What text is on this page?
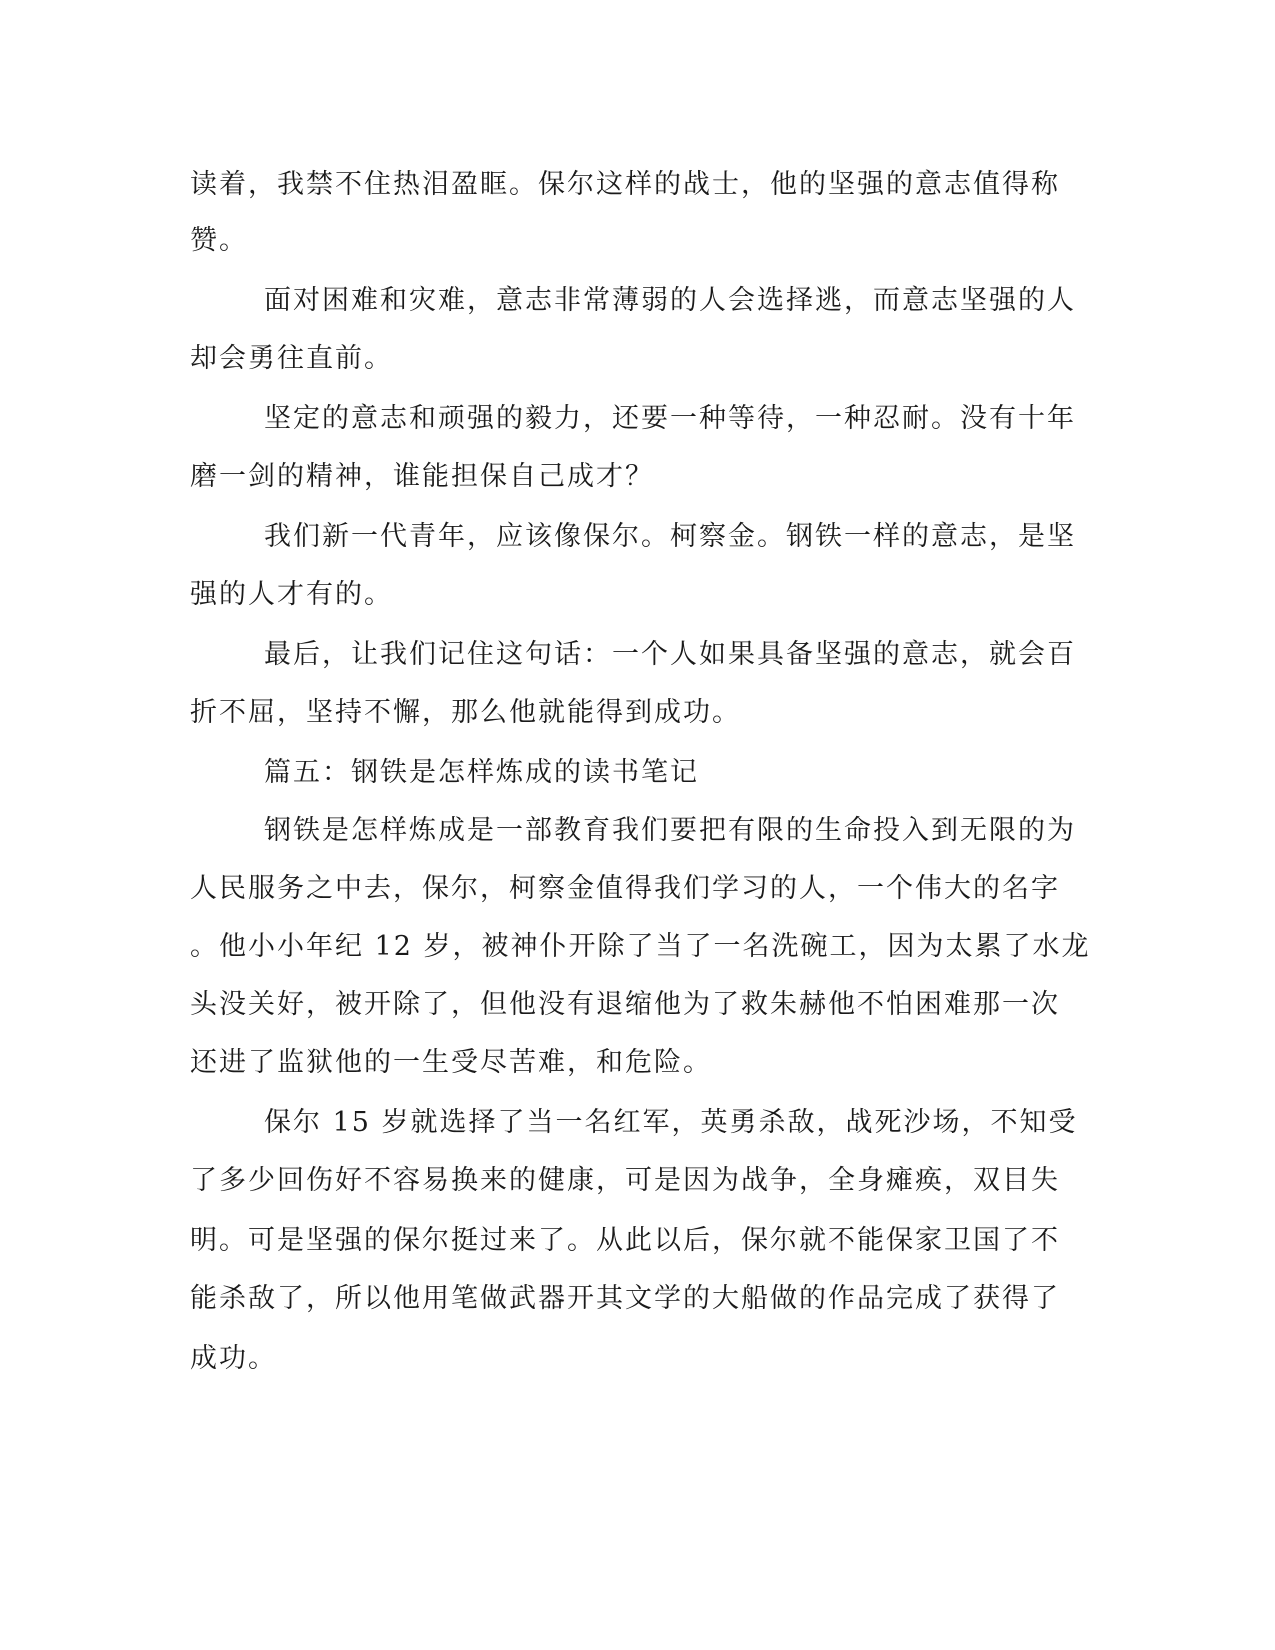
读着，我禁不住热泪盈眶。保尔这样的战士，他的坚强的意志值得称

赞。

面对困难和灾难，意志非常薄弱的人会选择逃，而意志坚强的人

却会勇往直前。

坚定的意志和顽强的毅力，还要一种等待，一种忍耐。没有十年

磨一剑的精神，谁能担保自己成才？

我们新一代青年，应该像保尔。柯察金。钢铁一样的意志，是坚

强的人才有的。

最后，让我们记住这句话：一个人如果具备坚强的意志，就会百

折不屈，坚持不懈，那么他就能得到成功。

篇五：钢铁是怎样炼成的读书笔记

钢铁是怎样炼成是一部教育我们要把有限的生命投入到无限的为

人民服务之中去，保尔，柯察金值得我们学习的人，一个伟大的名字

。他小小年纪 12 岁，被神仆开除了当了一名洗碗工，因为太累了水龙

头没关好，被开除了，但他没有退缩他为了救朱赫他不怕困难那一次

还进了监狱他的一生受尽苦难，和危险。

保尔 15 岁就选择了当一名红军，英勇杀敌，战死沙场，不知受

了多少回伤好不容易换来的健康，可是因为战争，全身瘫痪，双目失

明。可是坚强的保尔挺过来了。从此以后，保尔就不能保家卫国了不

能杀敌了，所以他用笔做武器开其文学的大船做的作品完成了获得了

成功。
